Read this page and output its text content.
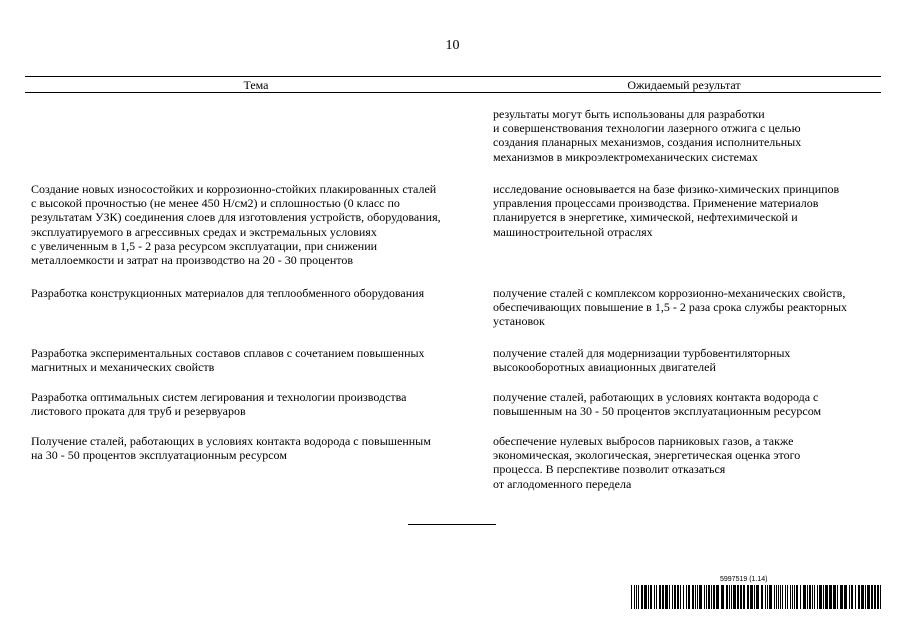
10
Тема	Ожидаемый результат
результаты могут быть использованы для разработки
и совершенствования технологии лазерного отжига с целью
создания планарных механизмов, создания исполнительных
механизмов в микроэлектромеханических системах
Создание новых износостойких и коррозионно-стойких плакированных сталей
с высокой прочностью (не менее 450 Н/см2) и сплошностью (0 класс по
результатам УЗК) соединения слоев для изготовления устройств, оборудования,
эксплуатируемого в агрессивных средах и экстремальных условиях
с увеличенным в 1,5 - 2 раза ресурсом эксплуатации, при снижении
металлоемкости и затрат на производство на 20 - 30 процентов
исследование основывается на базе физико-химических принципов
управления процессами производства. Применение материалов
планируется в энергетике, химической, нефтехимической и
машиностроительной отраслях
Разработка конструкционных материалов для теплообменного оборудования	получение сталей с комплексом коррозионно-механических свойств,
обеспечивающих повышение в 1,5 - 2 раза срока службы реакторных
установок
Разработка экспериментальных составов сплавов с сочетанием повышенных
магнитных и механических свойств
получение сталей для модернизации турбовентиляторных
высокооборотных авиационных двигателей
Разработка оптимальных систем легирования и технологии производства
листового проката для труб и резервуаров
получение сталей, работающих в условиях контакта водорода с
повышенным на 30 - 50 процентов эксплуатационным ресурсом
Получение сталей, работающих в условиях контакта водорода с повышенным
на 30 - 50 процентов эксплуатационным ресурсом
обеспечение нулевых выбросов парниковых газов, а также
экономическая, экологическая, энергетическая оценка этого
процесса. В перспективе позволит отказаться
от аглодоменного передела
5997519 (1.14)
